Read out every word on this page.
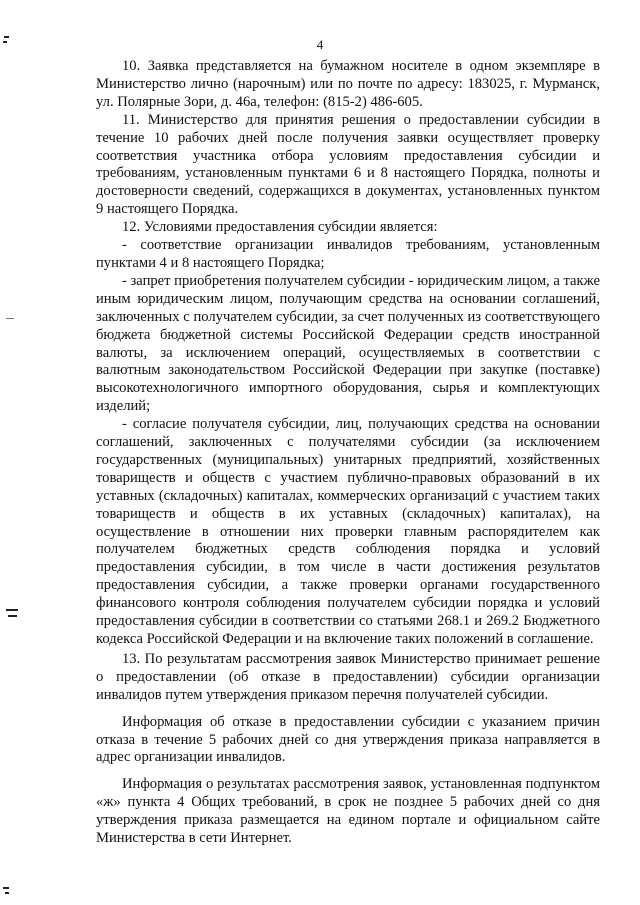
4

10. Заявка представляется на бумажном носителе в одном экземпляре в Министерство лично (нарочным) или по почте по адресу: 183025, г. Мурманск, ул. Полярные Зори, д. 46а, телефон: (815-2) 486-605.

11. Министерство для принятия решения о предоставлении субсидии в течение 10 рабочих дней после получения заявки осуществляет проверку соответствия участника отбора условиям предоставления субсидии и требованиям, установленным пунктами 6 и 8 настоящего Порядка, полноты и достоверности сведений, содержащихся в документах, установленных пунктом 9 настоящего Порядка.

12. Условиями предоставления субсидии является:

- соответствие организации инвалидов требованиям, установленным пунктами 4 и 8 настоящего Порядка;

- запрет приобретения получателем субсидии - юридическим лицом, а также иным юридическим лицом, получающим средства на основании соглашений, заключенных с получателем субсидии, за счет полученных из соответствующего бюджета бюджетной системы Российской Федерации средств иностранной валюты, за исключением операций, осуществляемых в соответствии с валютным законодательством Российской Федерации при закупке (поставке) высокотехнологичного импортного оборудования, сырья и комплектующих изделий;

- согласие получателя субсидии, лиц, получающих средства на основании соглашений, заключенных с получателями субсидии (за исключением государственных (муниципальных) унитарных предприятий, хозяйственных товариществ и обществ с участием публично-правовых образований в их уставных (складочных) капиталах, коммерческих организаций с участием таких товариществ и обществ в их уставных (складочных) капиталах), на осуществление в отношении них проверки главным распорядителем как получателем бюджетных средств соблюдения порядка и условий предоставления субсидии, в том числе в части достижения результатов предоставления субсидии, а также проверки органами государственного финансового контроля соблюдения получателем субсидии порядка и условий предоставления субсидии в соответствии со статьями 268.1 и 269.2 Бюджетного кодекса Российской Федерации и на включение таких положений в соглашение.

13. По результатам рассмотрения заявок Министерство принимает решение о предоставлении (об отказе в предоставлении) субсидии организации инвалидов путем утверждения приказом перечня получателей субсидии.

Информация об отказе в предоставлении субсидии с указанием причин отказа в течение 5 рабочих дней со дня утверждения приказа направляется в адрес организации инвалидов.

Информация о результатах рассмотрения заявок, установленная подпунктом «ж» пункта 4 Общих требований, в срок не позднее 5 рабочих дней со дня утверждения приказа размещается на едином портале и официальном сайте Министерства в сети Интернет.
